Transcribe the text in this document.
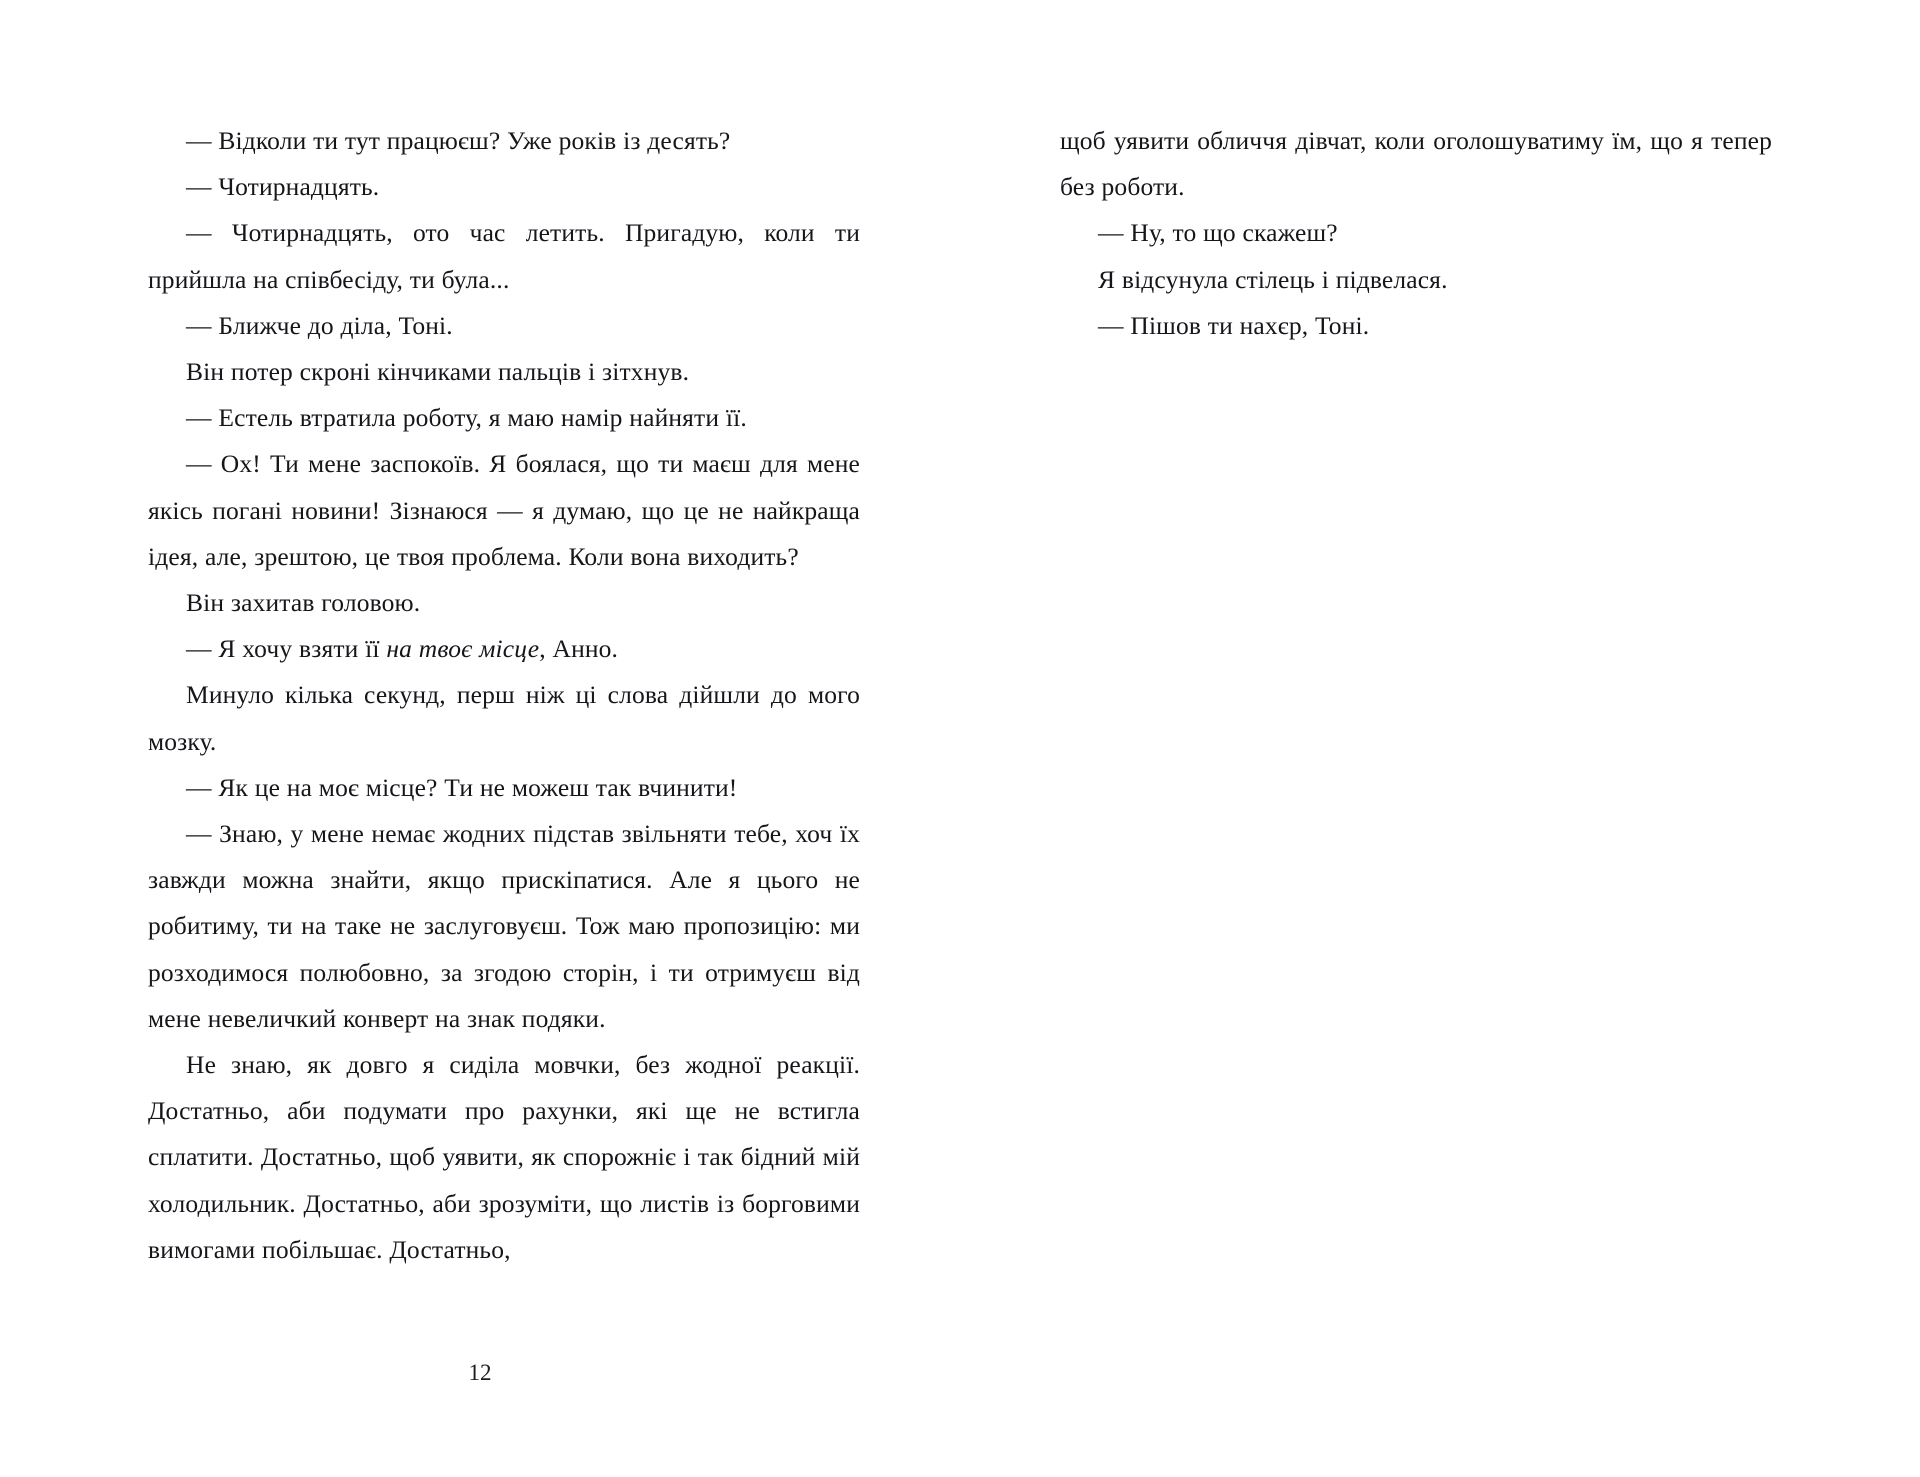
— Відколи ти тут працюєш? Уже років із десять?

— Чотирнадцять.

— Чотирнадцять, ото час летить. Пригадую, коли ти прийшла на співбесіду, ти була...

— Ближче до діла, Тоні.

Він потер скроні кінчиками пальців і зітхнув.

— Естель втратила роботу, я маю намір найняти її.

— Ох! Ти мене заспокоїв. Я боялася, що ти маєш для мене якісь погані новини! Зізнаюся — я думаю, що це не найкраща ідея, але, зрештою, це твоя проблема. Коли вона виходить?

Він захитав головою.

— Я хочу взяти її на твоє місце, Анно.

Минуло кілька секунд, перш ніж ці слова дійшли до мого мозку.

— Як це на моє місце? Ти не можеш так вчинити!

— Знаю, у мене немає жодних підстав звільняти тебе, хоч їх завжди можна знайти, якщо прискіпатися. Але я цього не робитиму, ти на таке не заслуговуєш. Тож маю пропозицію: ми розходимося полюбовно, за згодою сторін, і ти отримуєш від мене невеличкий конверт на знак подяки.

Не знаю, як довго я сиділа мовчки, без жодної реакції. Достатньо, аби подумати про рахунки, які ще не встигла сплатити. Достатньо, щоб уявити, як спорожніє і так бідний мій холодильник. Достатньо, аби зрозуміти, що листів із борговими вимогами побільшає. Достатньо,

12

щоб уявити обличчя дівчат, коли оголошуватиму їм, що я тепер без роботи.

— Ну, то що скажеш?

Я відсунула стілець і підвелася.

— Пішов ти нахєр, Тоні.
